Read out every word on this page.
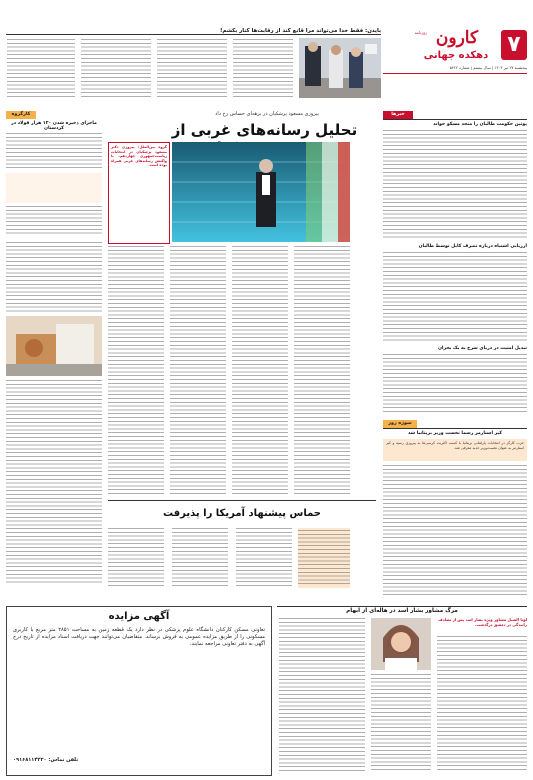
۷
کارون
روزنامه
دهکده جهانی
پنجشنبه ۲۷ تیر ۱۴۰۳ | سال بیستم | شماره ۵۴۲۲
بایدن: فقط خدا می‌تواند مرا قانع کند از رقابت‌ها کنار بکشم!
خبرها
پوتین حکومت طالبان را متحد مسکو خواند
ارزیابی اشتباه درباره تصرف کابل توسط طالبان
تبدیل امنیت در دریای سرخ به یک بحران
سوژه روز
کیر استارمر رسما نخست وزیر بریتانیا شد
حزب کارگر در انتخابات پارلمانی بریتانیا با کسب اکثریت کرسی‌ها به پیروزی رسید و کیر استارمر به عنوان نخست‌وزیر جدید معرفی شد.
پیروزی مسعود پزشکیان در برهه‌ای حساس رخ داد
تحلیل رسانه‌های غربی از
کارگروه
ماجرای ذخیره شدن ۱۲۰ هزار فولاد در کردستان
گروه بین‌الملل: پیروزی دکتر مسعود پزشکیان در انتخابات ریاست‌جمهوری چهاردهم، با واکنش رسانه‌های غربی همراه بوده است.
حماس پیشنهاد آمریکا را پذیرفت
مرگ مشاور بشار اسد در هاله‌ای از ابهام
لونا الشبل مشاور ویژه بشار اسد پس از تصادف رانندگی در دمشق درگذشت.
آگهی مزایده
تعاونی مسکن کارکنان دانشگاه علوم پزشکی در نظر دارد یک قطعه زمین به مساحت ۲۸۵۱ متر مربع با کاربری مسکونی را از طریق مزایده عمومی به فروش برساند. متقاضیان می‌توانند جهت دریافت اسناد مزایده از تاریخ درج آگهی به دفتر تعاونی مراجعه نمایند.
تلفن تماس: ۰۹۱۶۸۱۱۴۲۲۰
